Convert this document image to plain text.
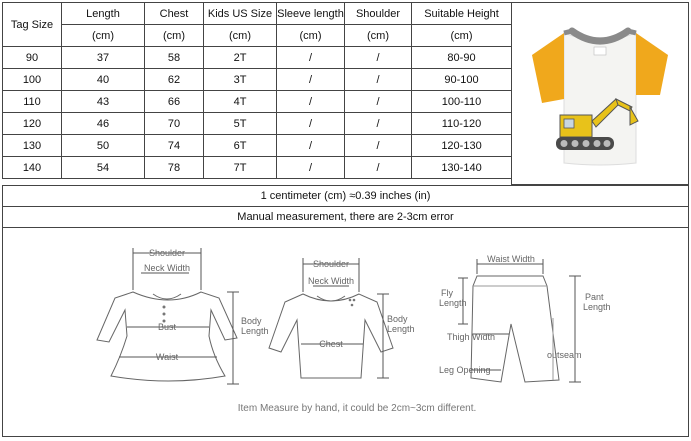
Tag Size	Length	Chest	Kids US Size	Sleeve length	Shoulder	Suitable Height
	(cm)	(cm)	(cm)	(cm)	(cm)	(cm)
90	37	58	2T	/	/	80-90
100	40	62	3T	/	/	90-100
110	43	66	4T	/	/	100-110
120	46	70	5T	/	/	110-120
130	50	74	6T	/	/	120-130
140	54	78	7T	/	/	130-140
1 centimeter (cm) ≈0.39 inches (in)
Manual measurement, there are 2-3cm error
Shoulder
Neck Width
Bust
Waist
Body
Length
Shoulder
Neck Width
Chest
Body
Length
Waist Width
Fly
Length
Pant
Length
Thigh Width
outseam
Leg Opening
Item Measure by hand, it could be 2cm~3cm different.
